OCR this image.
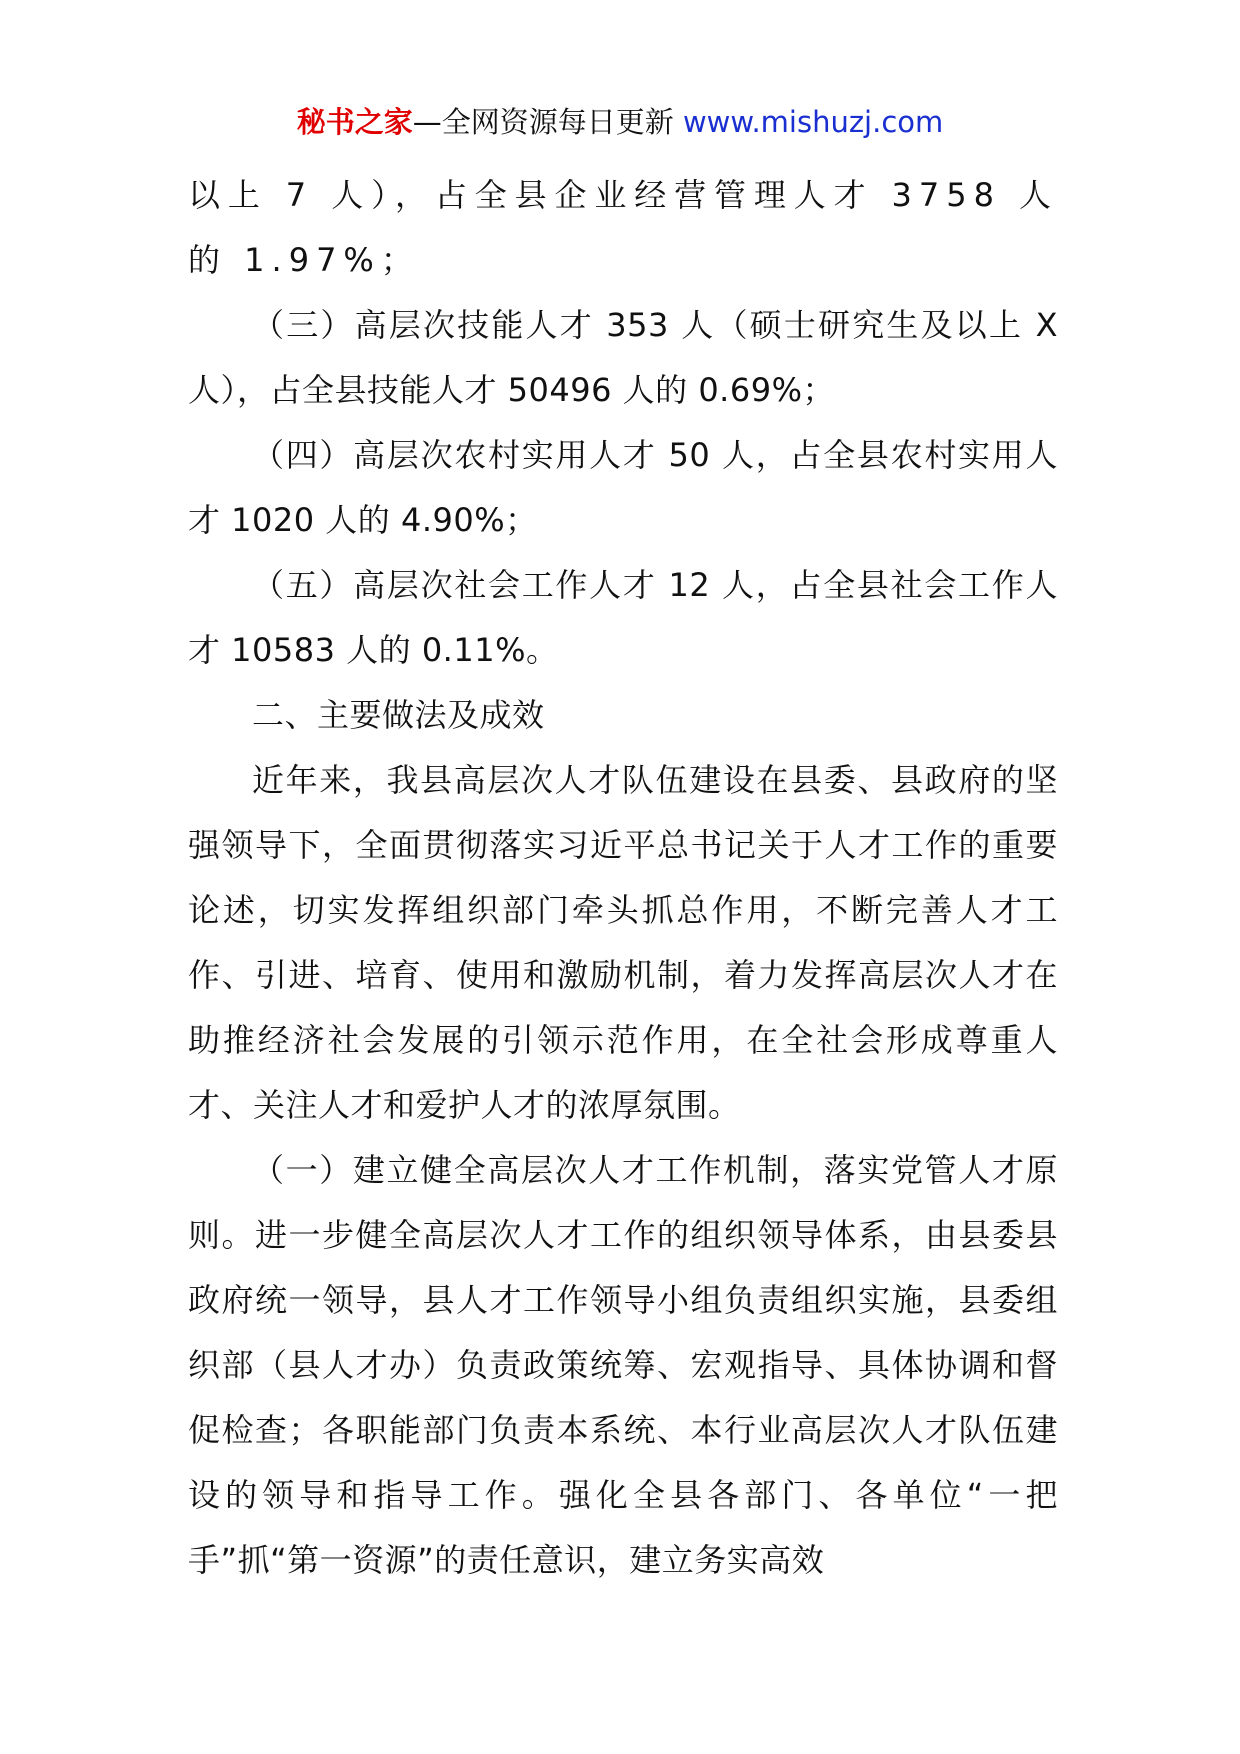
秘书之家—全网资源每日更新 www.mishuzj.com

以上 7 人），占全县企业经营管理人才 3758 人的 1.97%；

（三）高层次技能人才 353 人（硕士研究生及以上 X 人），占全县技能人才 50496 人的 0.69%；

（四）高层次农村实用人才 50 人，占全县农村实用人才 1020 人的 4.90%；

（五）高层次社会工作人才 12 人，占全县社会工作人才 10583 人的 0.11%。

二、主要做法及成效

近年来，我县高层次人才队伍建设在县委、县政府的坚强领导下，全面贯彻落实习近平总书记关于人才工作的重要论述，切实发挥组织部门牵头抓总作用，不断完善人才工作、引进、培育、使用和激励机制，着力发挥高层次人才在助推经济社会发展的引领示范作用，在全社会形成尊重人才、关注人才和爱护人才的浓厚氛围。

（一）建立健全高层次人才工作机制，落实党管人才原则。进一步健全高层次人才工作的组织领导体系，由县委县政府统一领导，县人才工作领导小组负责组织实施，县委组织部（县人才办）负责政策统筹、宏观指导、具体协调和督促检查；各职能部门负责本系统、本行业高层次人才队伍建设的领导和指导工作。强化全县各部门、各单位“一把手”抓“第一资源”的责任意识，建立务实高效
